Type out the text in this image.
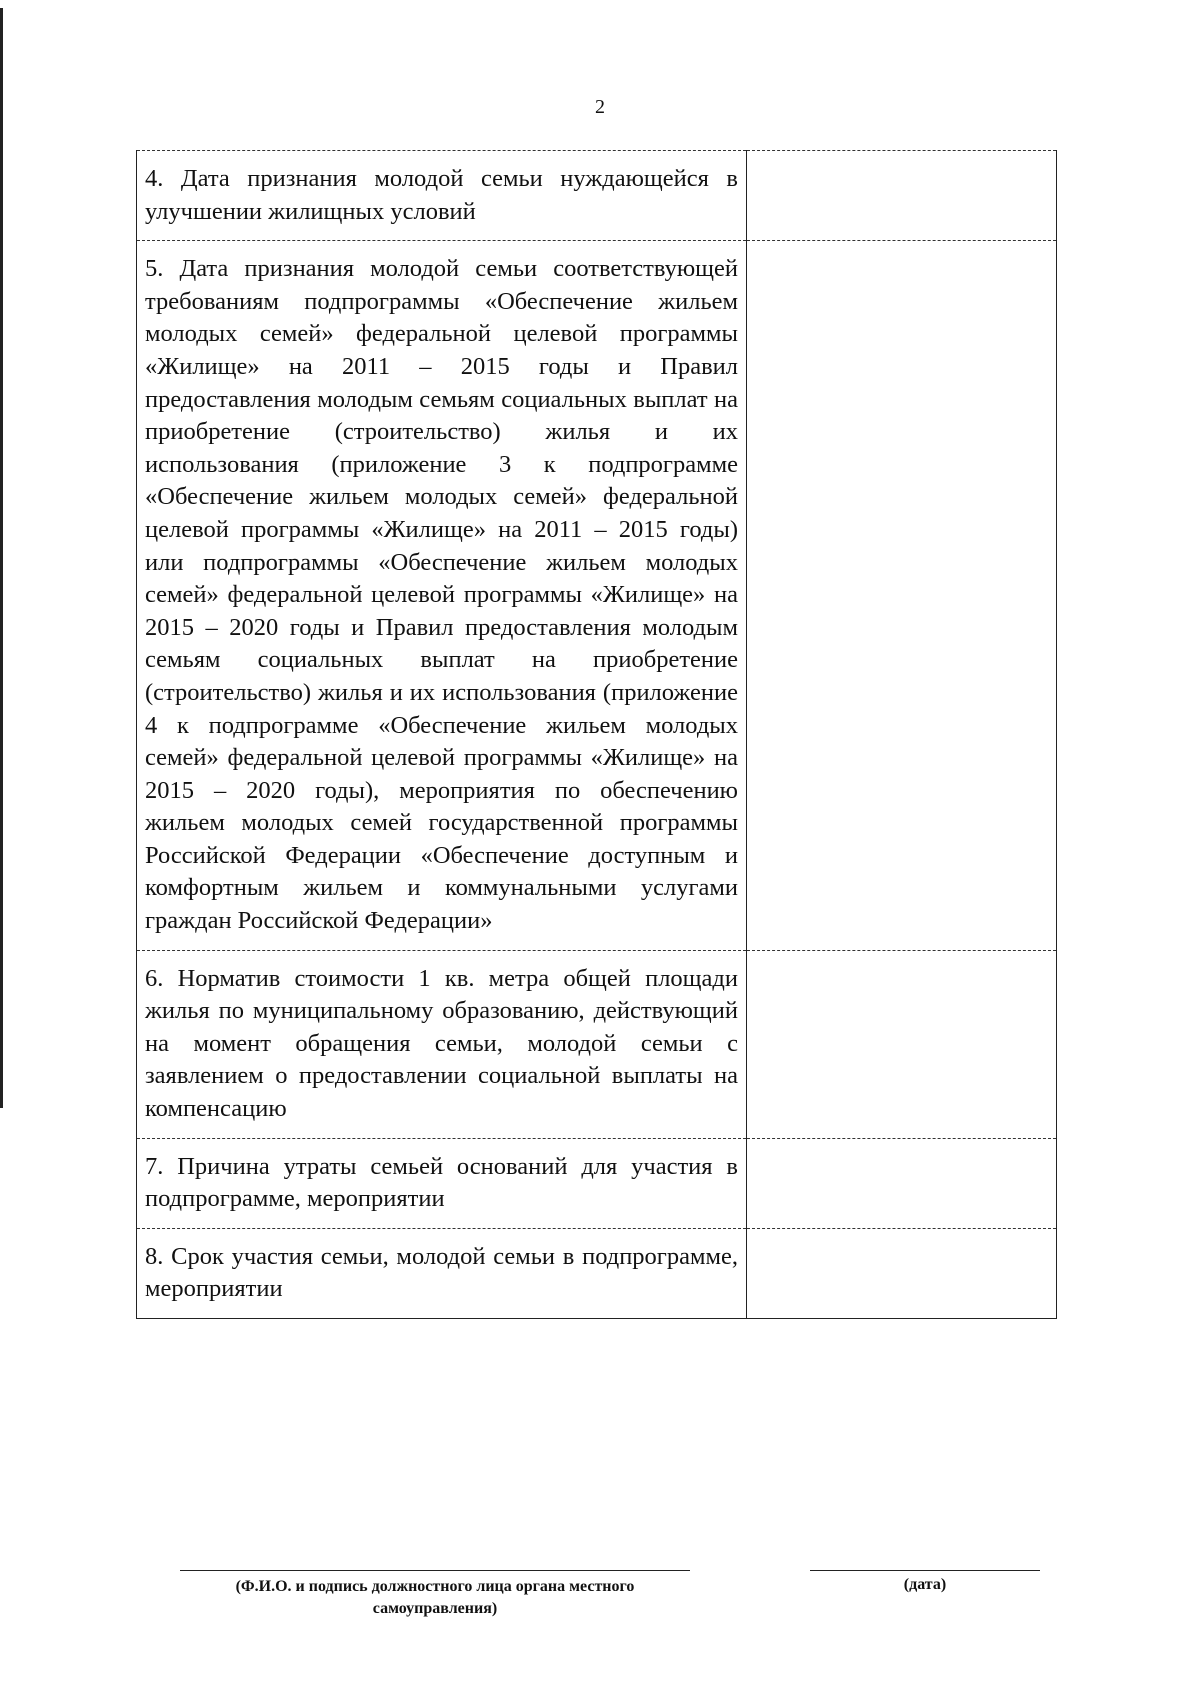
2
4. Дата признания молодой семьи нуждающейся в улучшении жилищных условий	

5. Дата признания молодой семьи соответствующей требованиям подпрограммы «Обеспечение жильем молодых семей» федеральной целевой программы «Жилище» на 2011 – 2015 годы и Правил предоставления молодым семьям социальных выплат на приобретение (строительство) жилья и их использования (приложение 3 к подпрограмме «Обеспечение жильем молодых семей» федеральной целевой программы «Жилище» на 2011 – 2015 годы) или подпрограммы «Обеспечение жильем молодых семей» федеральной целевой программы «Жилище» на 2015 – 2020 годы и Правил предоставления молодым семьям социальных выплат на приобретение (строительство) жилья и их использования (приложение 4 к подпрограмме «Обеспечение жильем молодых семей» федеральной целевой программы «Жилище» на 2015 – 2020 годы), мероприятия по обеспечению жильем молодых семей государственной программы Российской Федерации «Обеспечение доступным и комфортным жильем и коммунальными услугами граждан Российской Федерации»	

6. Норматив стоимости 1 кв. метра общей площади жилья по муниципальному образованию, действующий на момент обращения семьи, молодой семьи с заявлением о предоставлении социальной выплаты на компенсацию	

7. Причина утраты семьей оснований для участия в подпрограмме, мероприятии	

8. Срок участия семьи, молодой семьи в подпрограмме, мероприятии	

(Ф.И.О. и подпись должностного лица органа местного
самоуправления)
(дата)
